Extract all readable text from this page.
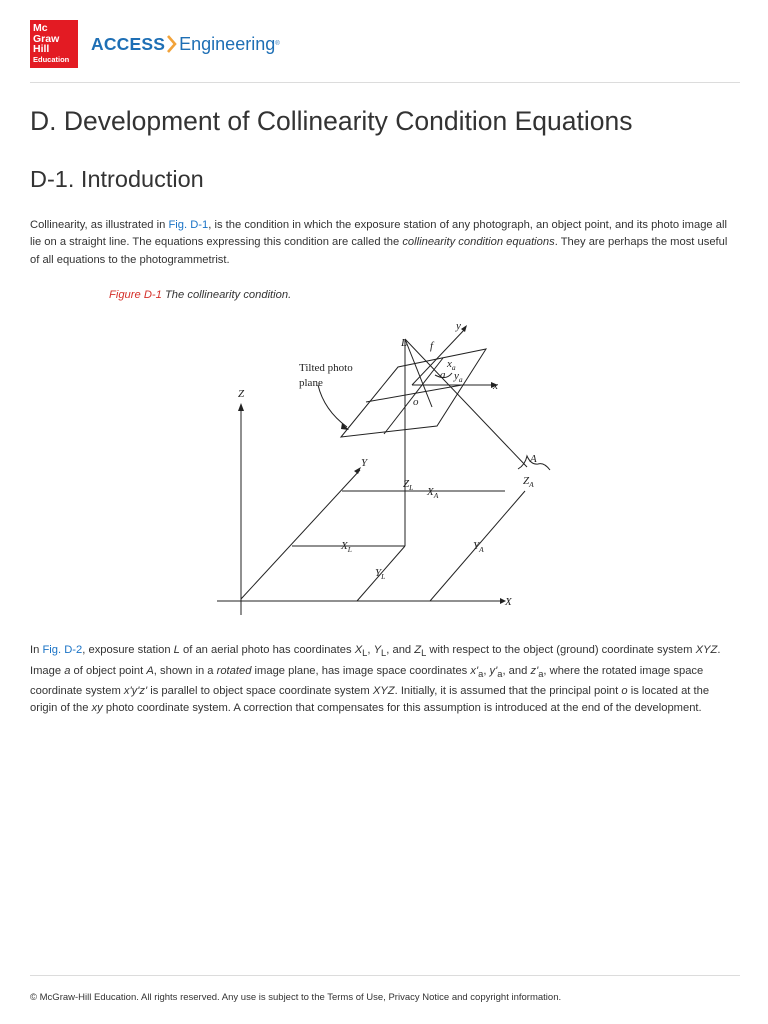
Mc
Graw
Hill
Education
ACCESS Engineering ®
D. Development of Collinearity Condition Equations
D-1. Introduction

Collinearity, as illustrated in Fig. D-1, is the condition in which the exposure station of any photograph, an object point, and its photo image all lie on a straight line. The equations expressing this condition are called the collinearity condition equations. They are perhaps the most useful of all equations to the photogrammetrist.

Figure D-1 The collinearity condition.

Tilted photo
plane
Z
Y
X
L f
y
x
o
a
A
$x_a$
$y_a$
$Z_L$ $X_A$
$Z_A$
$X_L$
$Y_L$
$Y_A$

In Fig. D-2, exposure station L of an aerial photo has coordinates $X_L$, $Y_L$, and $Z_L$ with respect to the object (ground) coordinate system XYZ. Image a of object point A, shown in a rotated image plane, has image space coordinates $x'_a$, $y'_a$, and $z'_a$, where the rotated image space coordinate system x'y'z' is parallel to object space coordinate system XYZ. Initially, it is assumed that the principal point o is located at the origin of the xy photo coordinate system. A correction that compensates for this assumption is introduced at the end of the development.

© McGraw-Hill Education. All rights reserved. Any use is subject to the Terms of Use, Privacy Notice and copyright information.
